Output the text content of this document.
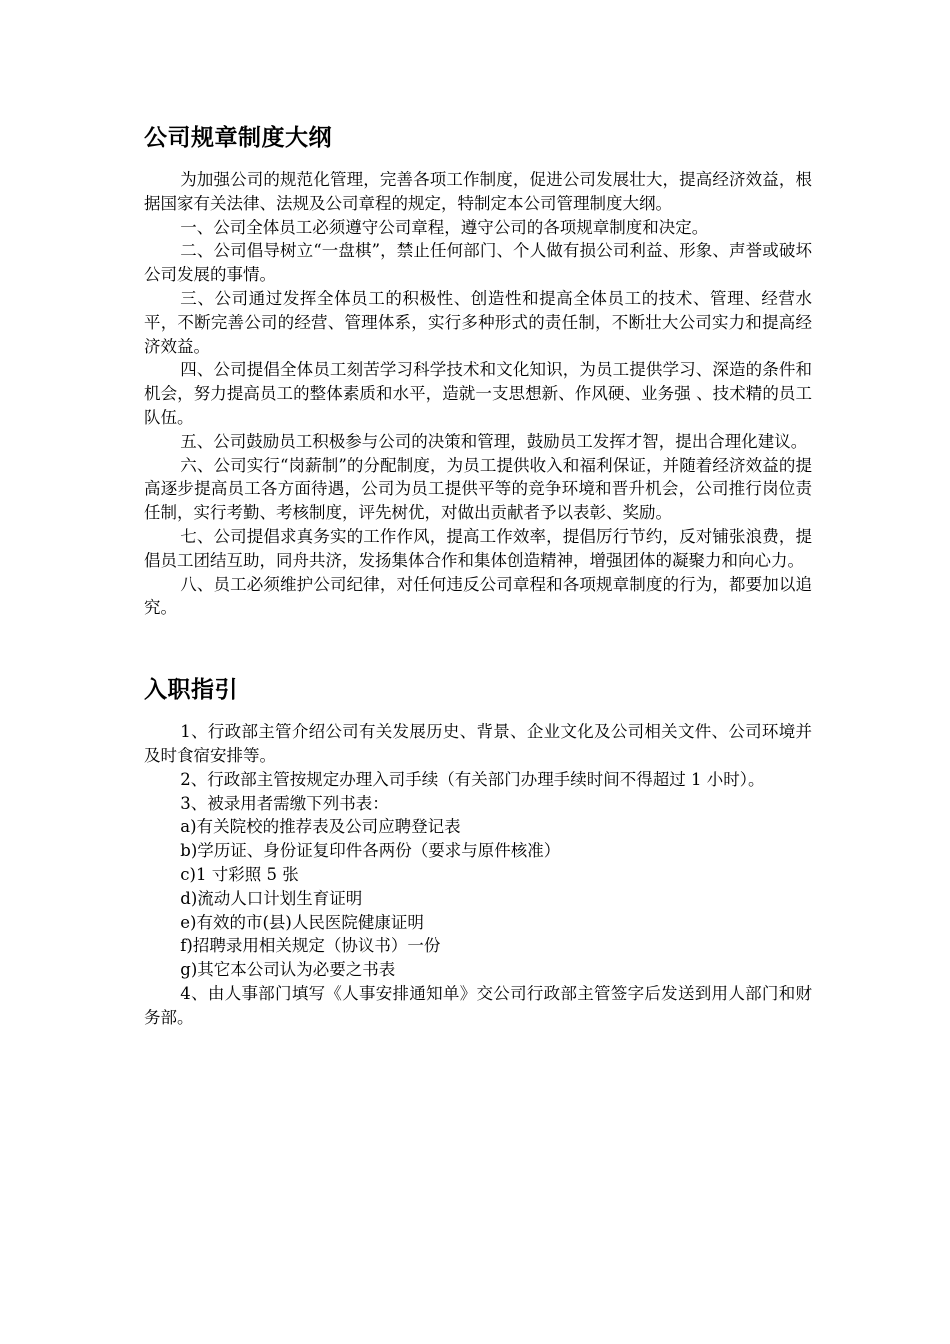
公司规章制度大纲

为加强公司的规范化管理，完善各项工作制度，促进公司发展壮大，提高经济效益，根据国家有关法律、法规及公司章程的规定，特制定本公司管理制度大纲。

一、公司全体员工必须遵守公司章程，遵守公司的各项规章制度和决定。

二、公司倡导树立“一盘棋”，禁止任何部门、个人做有损公司利益、形象、声誉或破坏公司发展的事情。

三、公司通过发挥全体员工的积极性、创造性和提高全体员工的技术、管理、经营水平，不断完善公司的经营、管理体系，实行多种形式的责任制，不断壮大公司实力和提高经济效益。

四、公司提倡全体员工刻苦学习科学技术和文化知识，为员工提供学习、深造的条件和机会，努力提高员工的整体素质和水平，造就一支思想新、作风硬、业务强 、技术精的员工队伍。

五、公司鼓励员工积极参与公司的决策和管理，鼓励员工发挥才智，提出合理化建议。

六、公司实行“岗薪制”的分配制度，为员工提供收入和福利保证，并随着经济效益的提高逐步提高员工各方面待遇，公司为员工提供平等的竞争环境和晋升机会，公司推行岗位责任制，实行考勤、考核制度，评先树优，对做出贡献者予以表彰、奖励。

七、公司提倡求真务实的工作作风，提高工作效率，提倡厉行节约，反对铺张浪费，提倡员工团结互助，同舟共济，发扬集体合作和集体创造精神，增强团体的凝聚力和向心力。

八、员工必须维护公司纪律，对任何违反公司章程和各项规章制度的行为，都要加以追究。

入职指引

1、行政部主管介绍公司有关发展历史、背景、企业文化及公司相关文件、公司环境并及时食宿安排等。

2、行政部主管按规定办理入司手续（有关部门办理手续时间不得超过 1 小时）。

3、被录用者需缴下列书表：

a)有关院校的推荐表及公司应聘登记表

b)学历证、身份证复印件各两份（要求与原件核准）

c)1 寸彩照 5 张

d)流动人口计划生育证明

e)有效的市(县)人民医院健康证明

f)招聘录用相关规定（协议书）一份

g)其它本公司认为必要之书表

4、由人事部门填写《人事安排通知单》交公司行政部主管签字后发送到用人部门和财务部。
